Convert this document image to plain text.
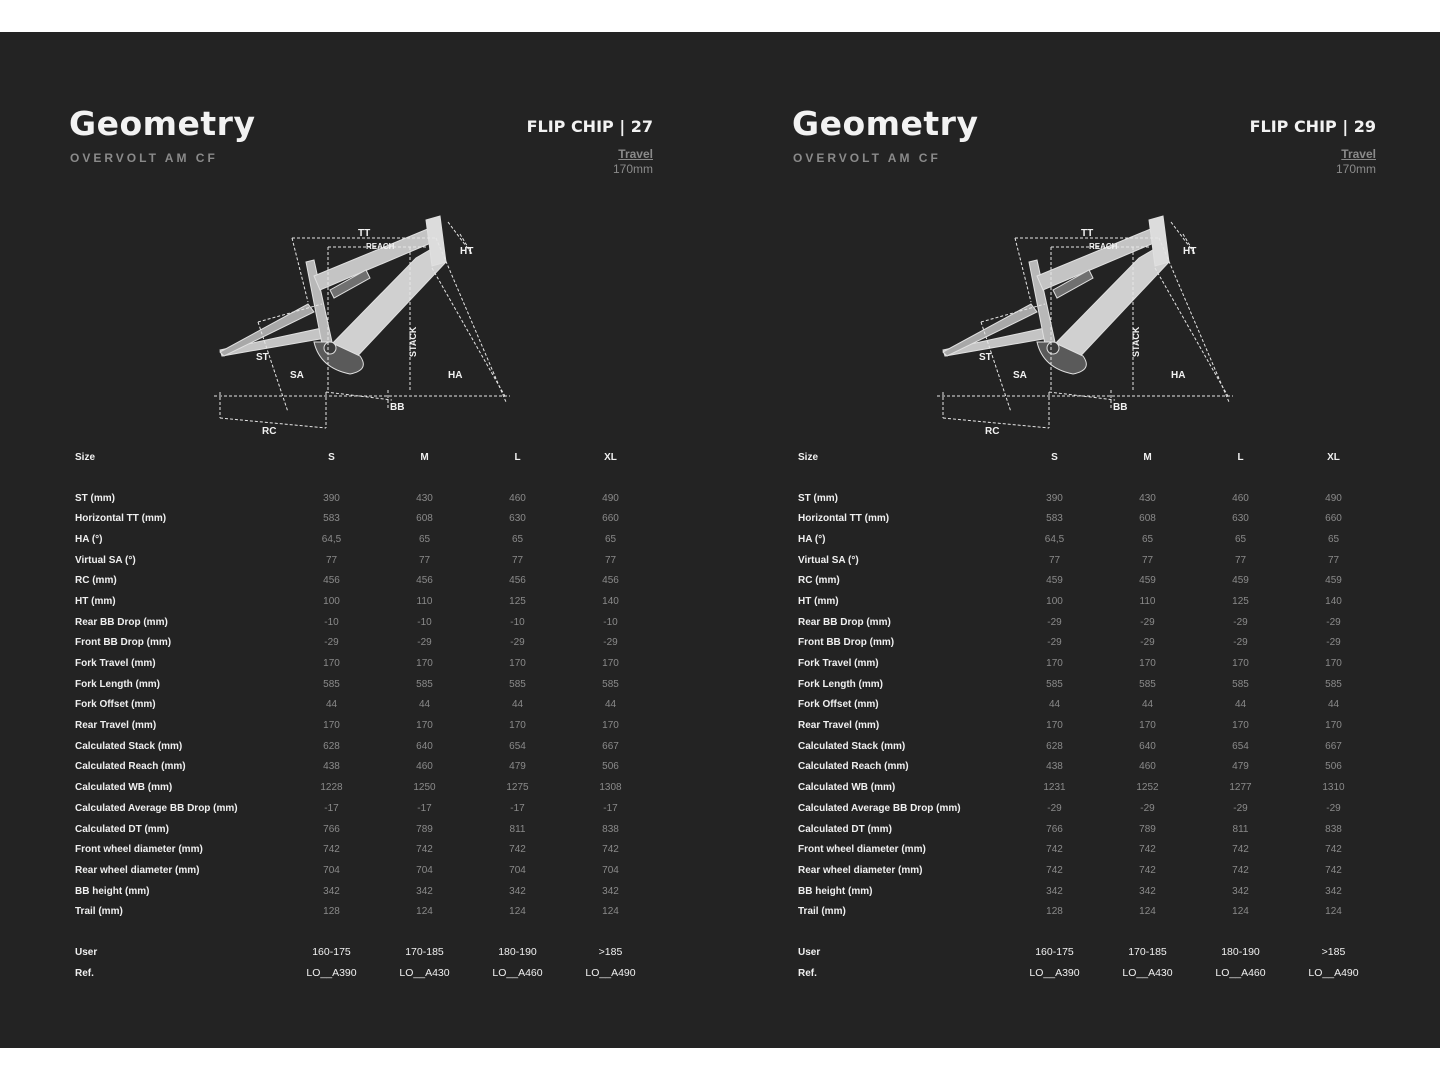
Geometry
OVERVOLT AM CF
FLIP CHIP | 27
Travel
170mm
TT
REACH	HT
STACK
ST
SA	HA
BB
RC
Size	S	M	L	XL

ST (mm)	390	430	460	490
Horizontal TT (mm)	583	608	630	660
HA (°)	64,5	65	65	65
Virtual SA (°)	77	77	77	77
RC (mm)	456	456	456	456
HT (mm)	100	110	125	140
Rear BB Drop (mm)	-10	-10	-10	-10
Front BB Drop (mm)	-29	-29	-29	-29
Fork Travel (mm)	170	170	170	170
Fork Length (mm)	585	585	585	585
Fork Offset (mm)	44	44	44	44
Rear Travel (mm)	170	170	170	170
Calculated Stack (mm)	628	640	654	667
Calculated Reach (mm)	438	460	479	506
Calculated WB (mm)	1228	1250	1275	1308
Calculated Average BB Drop (mm)	-17	-17	-17	-17
Calculated DT (mm)	766	789	811	838
Front wheel diameter (mm)	742	742	742	742
Rear wheel diameter (mm)	704	704	704	704
BB height (mm)	342	342	342	342
Trail (mm)	128	124	124	124

User	160-175	170-185	180-190	>185
Ref.	LO__A390	LO__A430	LO__A460	LO__A490
Geometry
OVERVOLT AM CF
FLIP CHIP | 29
Travel
170mm
TT
REACH	HT
STACK
ST
SA	HA
BB
RC
Size	S	M	L	XL

ST (mm)	390	430	460	490
Horizontal TT (mm)	583	608	630	660
HA (°)	64,5	65	65	65
Virtual SA (°)	77	77	77	77
RC (mm)	459	459	459	459
HT (mm)	100	110	125	140
Rear BB Drop (mm)	-29	-29	-29	-29
Front BB Drop (mm)	-29	-29	-29	-29
Fork Travel (mm)	170	170	170	170
Fork Length (mm)	585	585	585	585
Fork Offset (mm)	44	44	44	44
Rear Travel (mm)	170	170	170	170
Calculated Stack (mm)	628	640	654	667
Calculated Reach (mm)	438	460	479	506
Calculated WB (mm)	1231	1252	1277	1310
Calculated Average BB Drop (mm)	-29	-29	-29	-29
Calculated DT (mm)	766	789	811	838
Front wheel diameter (mm)	742	742	742	742
Rear wheel diameter (mm)	742	742	742	742
BB height (mm)	342	342	342	342
Trail (mm)	128	124	124	124

User	160-175	170-185	180-190	>185
Ref.	LO__A390	LO__A430	LO__A460	LO__A490
